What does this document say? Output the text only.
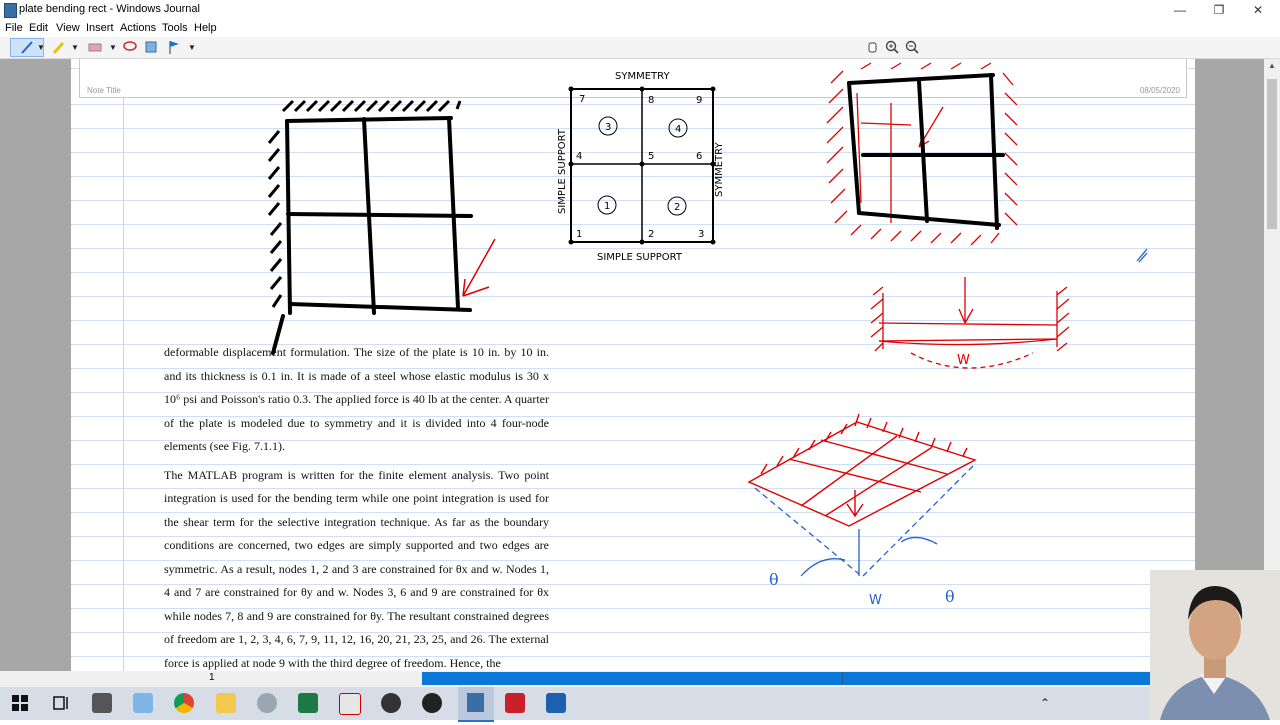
plate bending rect - Windows Journal	—	❐	✕
File Edit View Insert Actions Tools Help
▼	▼	▼	▼
Note Title	08/05/2020
SYMMETRY
SIMPLE SUPPORT
SIMPLE SUPPORT	SYMMETRY
1	2	3
4	5	6
7	8	9
1	2
3	4
W
W
θ
θ

deformable displacement formulation. The size of the plate is 10 in. by 10 in. and its thickness is 0.1 in. It is made of a steel whose elastic modulus is 30 x 10⁶ psi and Poisson's ratio 0.3. The applied force is 40 lb at the center. A quarter of the plate is modeled due to symmetry and it is divided into 4 four-node elements (see Fig. 7.1.1).

The MATLAB program is written for the finite element analysis. Two point integration is used for the bending term while one point integration is used for the shear term for the selective integration technique. As far as the boundary conditions are concerned, two edges are simply supported and two edges are symmetric. As a result, nodes 1, 2 and 3 are constrained for θx and w. Nodes 1, 4 and 7 are constrained for θy and w. Nodes 3, 6 and 9 are constrained for θx while nodes 7, 8 and 9 are constrained for θy. The resultant constrained degrees of freedom are 1, 2, 3, 4, 6, 7, 9, 11, 12, 16, 20, 21, 23, 25, and 26. The external force is applied at node 9 with the third degree of freedom. Hence, the

▲
1
⌃
